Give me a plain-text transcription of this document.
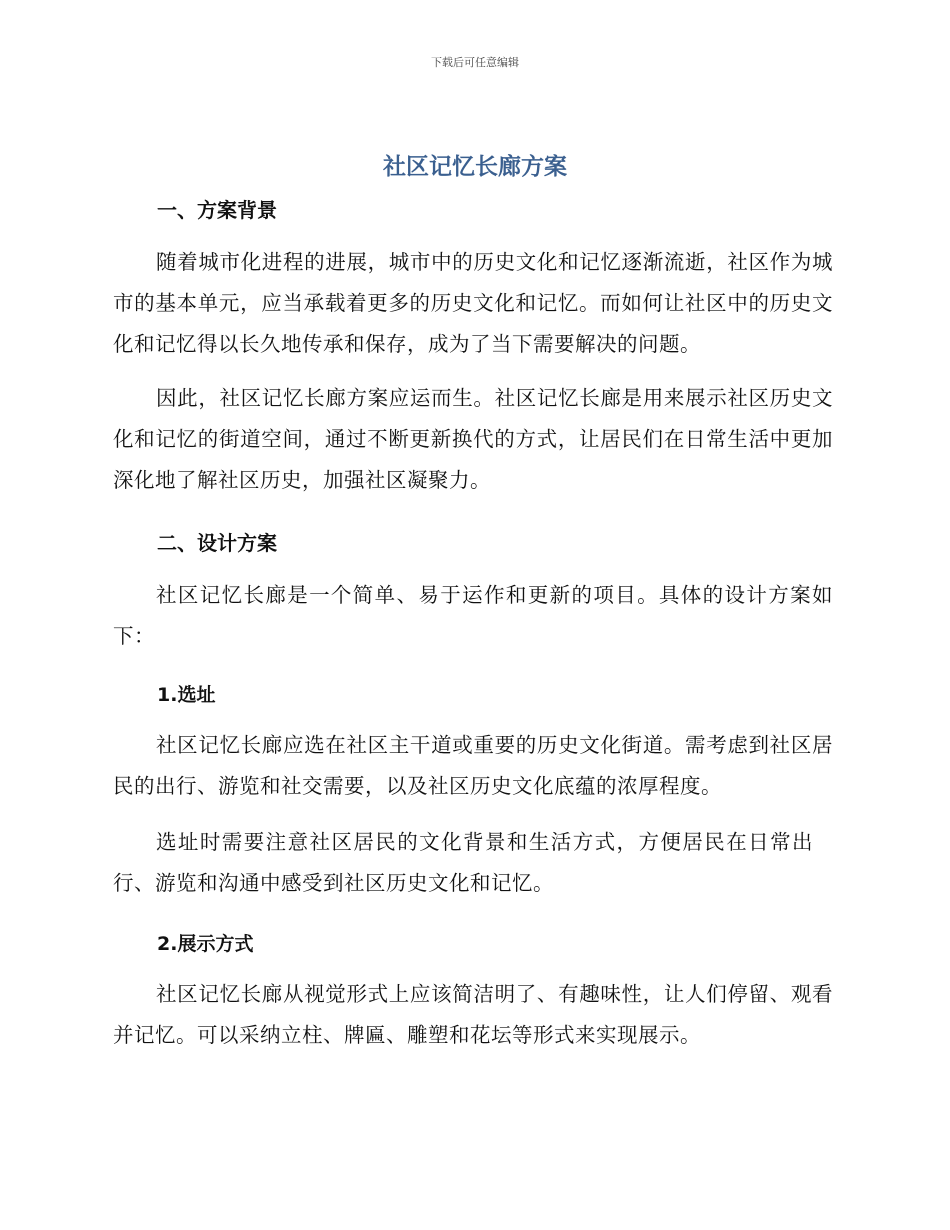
下载后可任意编辑
社区记忆长廊方案
一、方案背景

随着城市化进程的进展，城市中的历史文化和记忆逐渐流逝，社区作为城市的基本单元，应当承载着更多的历史文化和记忆。而如何让社区中的历史文化和记忆得以长久地传承和保存，成为了当下需要解决的问题。

因此，社区记忆长廊方案应运而生。社区记忆长廊是用来展示社区历史文化和记忆的街道空间，通过不断更新换代的方式，让居民们在日常生活中更加深化地了解社区历史，加强社区凝聚力。

二、设计方案

社区记忆长廊是一个简单、易于运作和更新的项目。具体的设计方案如下：

1.选址

社区记忆长廊应选在社区主干道或重要的历史文化街道。需考虑到社区居民的出行、游览和社交需要，以及社区历史文化底蕴的浓厚程度。

选址时需要注意社区居民的文化背景和生活方式，方便居民在日常出行、游览和沟通中感受到社区历史文化和记忆。

2.展示方式

社区记忆长廊从视觉形式上应该简洁明了、有趣味性，让人们停留、观看并记忆。可以采纳立柱、牌匾、雕塑和花坛等形式来实现展示。
